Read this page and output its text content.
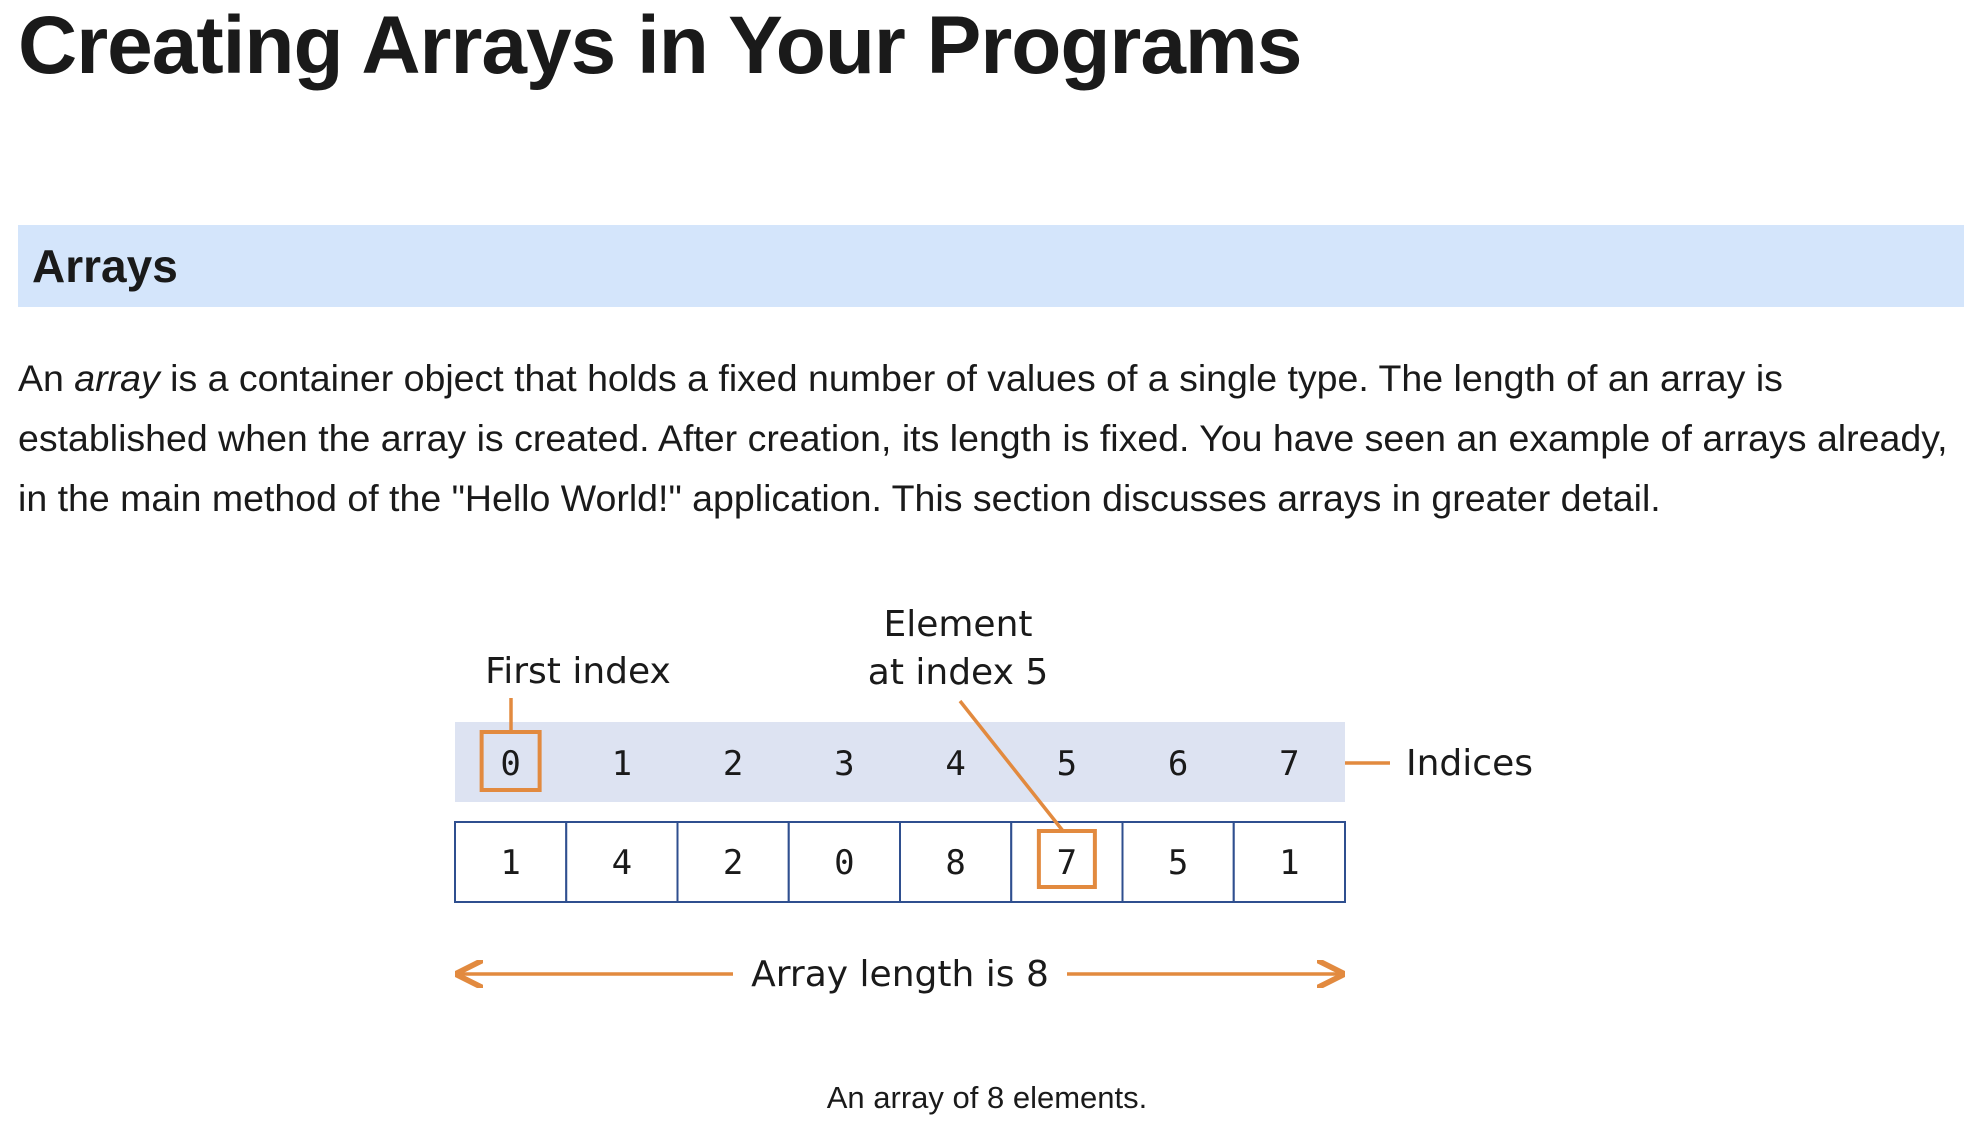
Creating Arrays in Your Programs
Arrays

An array is a container object that holds a fixed number of values of a single type. The length of an array is established when the array is created. After creation, its length is fixed. You have seen an example of arrays already, in the main method of the "Hello World!" application. This section discusses arrays in greater detail.

0	1	2	3	4	5	6	7
1	4	2	0	8	7	5	1
First index
Element
at index 5
Indices
Array length is 8

An array of 8 elements.
